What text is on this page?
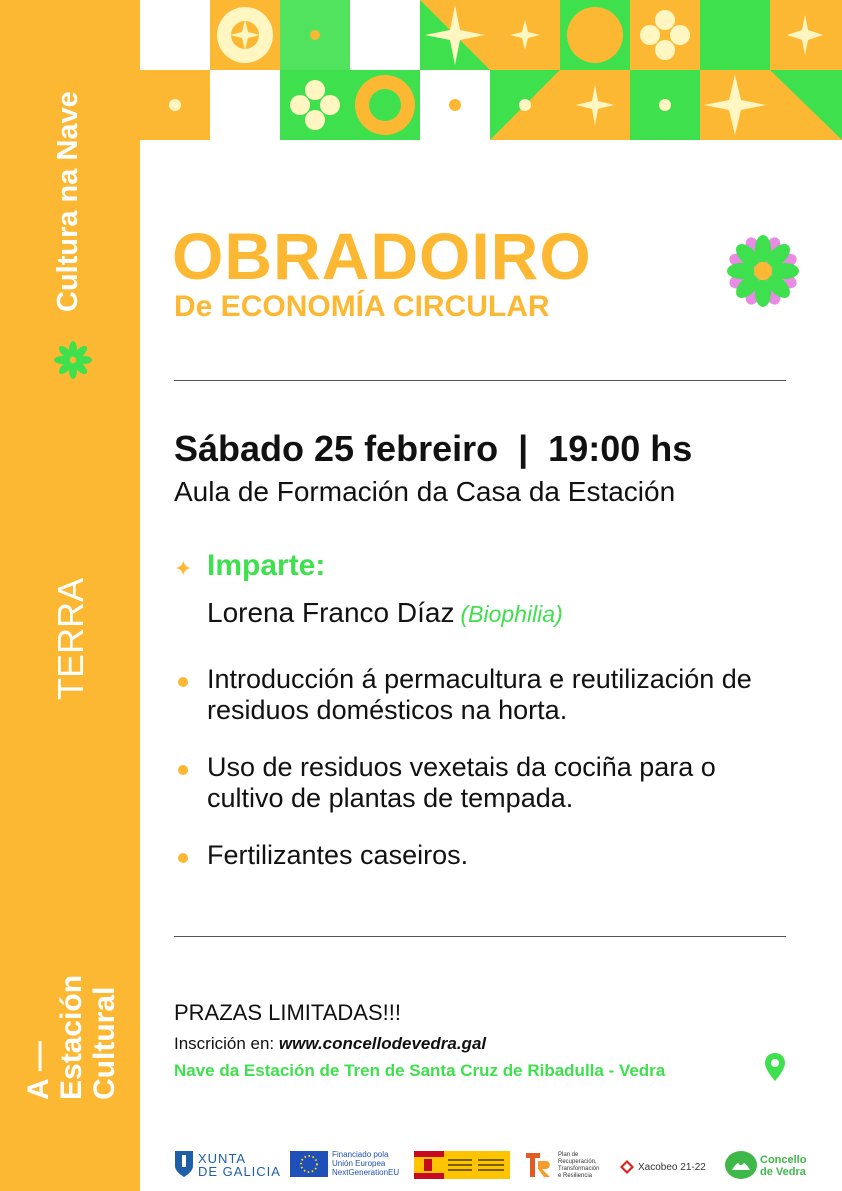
Cultura na Nave
TERRA
A — Estación Cultural
OBRADOIRO
De ECONOMÍA CIRCULAR
Sábado 25 febreiro  |  19:00 hs
Aula de Formación da Casa da Estación
✦ Imparte:
Lorena Franco Díaz (Biophilia)
Introducción á permacultura e reutilización de residuos domésticos na horta.
Uso de residuos vexetais da cociña para o cultivo de plantas de tempada.
Fertilizantes caseiros.
PRAZAS LIMITADAS!!!
Inscrición en: www.concellodevedra.gal
Nave da Estación de Tren de Santa Cruz de Ribadulla - Vedra
XUNTA
DE GALICIA
Financiado pola
Unión Europea
NextGenerationEU
Plan de
Recuperación,
Transformación
e Resiliencia
Xacobeo 21-22
Concello
de Vedra
